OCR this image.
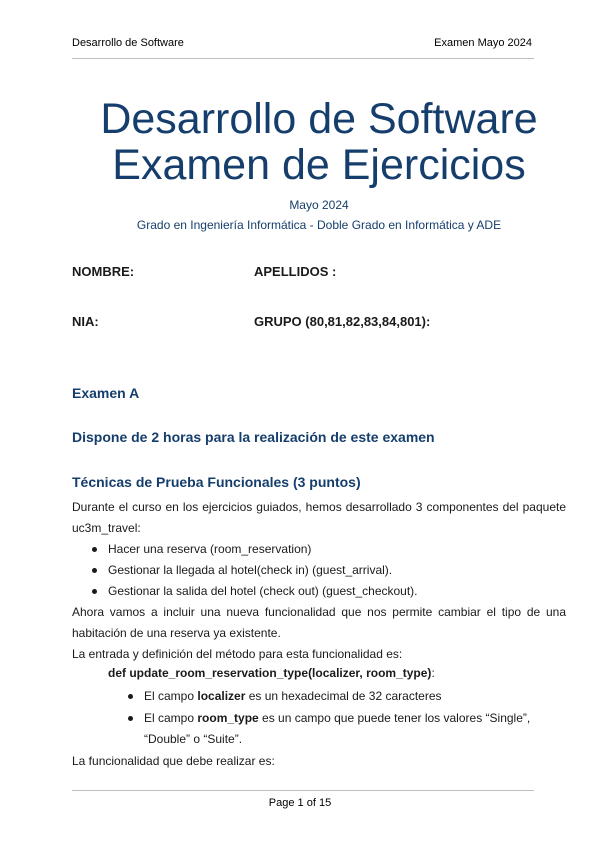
Desarrollo de Software	Examen Mayo 2024
Desarrollo de Software
Examen de Ejercicios
Mayo 2024
Grado en Ingeniería Informática - Doble Grado en Informática y ADE
NOMBRE:	APELLIDOS :
NIA:	GRUPO (80,81,82,83,84,801):
Examen A
Dispone de 2 horas para la realización de este examen
Técnicas de Prueba Funcionales (3 puntos)
Durante el curso en los ejercicios guiados, hemos desarrollado 3 componentes del paquete
uc3m_travel:
Hacer una reserva (room_reservation)
Gestionar la llegada al hotel(check in) (guest_arrival).
Gestionar la salida del hotel (check out) (guest_checkout).
Ahora vamos a incluir una nueva funcionalidad que nos permite cambiar el tipo de una
habitación de una reserva ya existente.
La entrada y definición del método para esta funcionalidad es:
def update_room_reservation_type(localizer, room_type):
El campo localizer es un hexadecimal de 32 caracteres
El campo room_type es un campo que puede tener los valores “Single”,
“Double” o “Suite”.
La funcionalidad que debe realizar es:
Page 1 of 15
